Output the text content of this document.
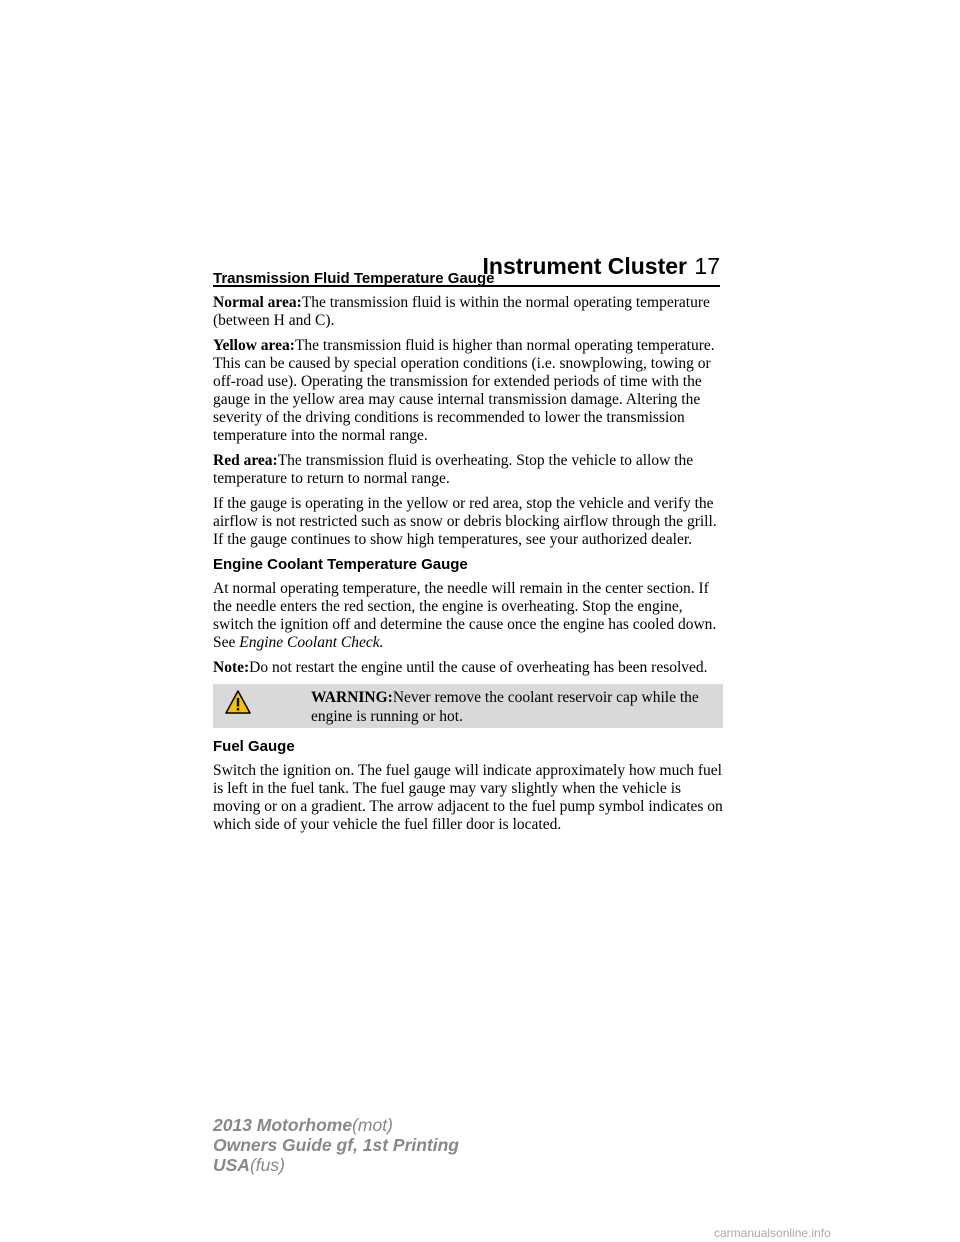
Instrument Cluster 17
Transmission Fluid Temperature Gauge

Normal area:The transmission fluid is within the normal operating temperature (between H and C).

Yellow area:The transmission fluid is higher than normal operating temperature. This can be caused by special operation conditions (i.e. snowplowing, towing or off-road use). Operating the transmission for extended periods of time with the gauge in the yellow area may cause internal transmission damage. Altering the severity of the driving conditions is recommended to lower the transmission temperature into the normal range.

Red area:The transmission fluid is overheating. Stop the vehicle to allow the temperature to return to normal range.

If the gauge is operating in the yellow or red area, stop the vehicle and verify the airflow is not restricted such as snow or debris blocking airflow through the grill. If the gauge continues to show high temperatures, see your authorized dealer.

Engine Coolant Temperature Gauge

At normal operating temperature, the needle will remain in the center section. If the needle enters the red section, the engine is overheating. Stop the engine, switch the ignition off and determine the cause once the engine has cooled down. See Engine Coolant Check.

Note:Do not restart the engine until the cause of overheating has been resolved.

WARNING:Never remove the coolant reservoir cap while the engine is running or hot.
Fuel Gauge

Switch the ignition on. The fuel gauge will indicate approximately how much fuel is left in the fuel tank. The fuel gauge may vary slightly when the vehicle is moving or on a gradient. The arrow adjacent to the fuel pump symbol indicates on which side of your vehicle the fuel filler door is located.

2013 Motorhome(mot)
Owners Guide gf, 1st Printing
USA(fus)
carmanualsonline.info
